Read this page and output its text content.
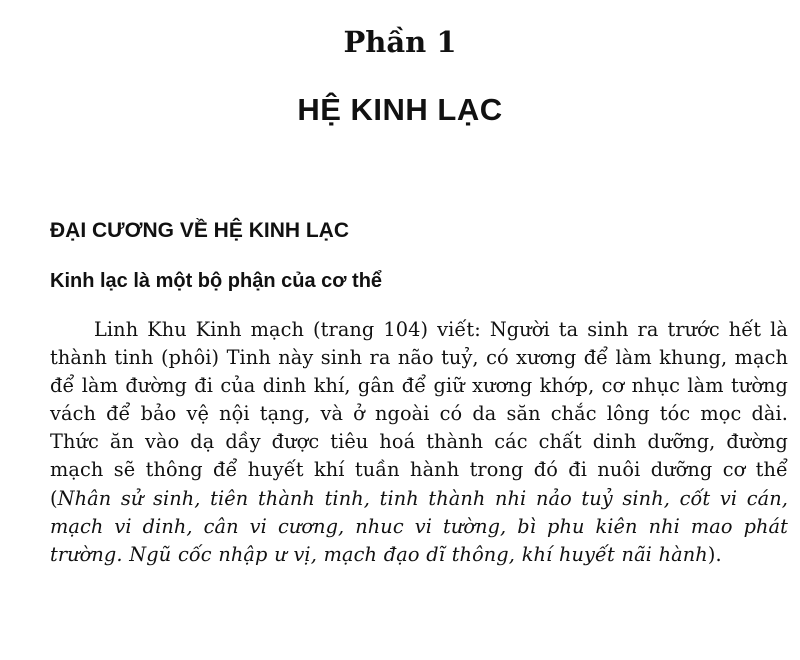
Phần 1
HỆ KINH LẠC
ĐẠI CƯƠNG VỀ HỆ KINH LẠC
Kinh lạc là một bộ phận của cơ thể

Linh Khu Kinh mạch (trang 104) viết: Người ta sinh ra trước hết là thành tinh (phôi) Tinh này sinh ra não tuỷ, có xương để làm khung, mạch để làm đường đi của dinh khí, gân để giữ xương khớp, cơ nhục làm tường vách để bảo vệ nội tạng, và ở ngoài có da săn chắc lông tóc mọc dài. Thức ăn vào dạ dầy được tiêu hoá thành các chất dinh dưỡng, đường mạch sẽ thông để huyết khí tuần hành trong đó đi nuôi dưỡng cơ thể (Nhân sử sinh, tiên thành tinh, tinh thành nhi nảo tuỷ sinh, cốt vi cán, mạch vi dinh, cân vi cương, nhuc vi tường, bì phu kiên nhi mao phát trường. Ngũ cốc nhập ư vị, mạch đạo dĩ thông, khí huyết nãi hành).
